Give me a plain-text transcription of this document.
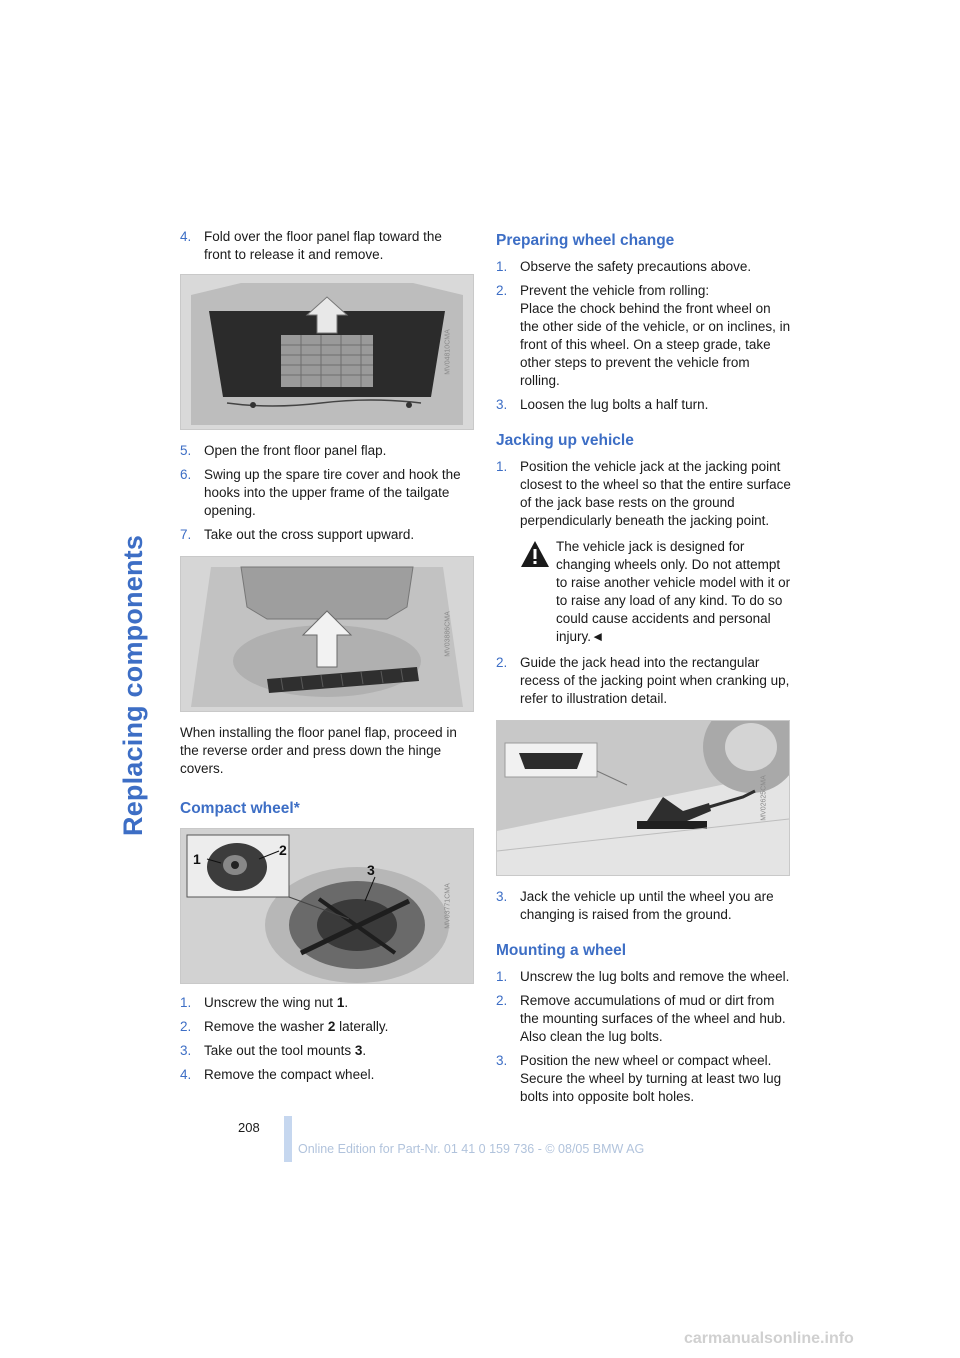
Replacing components
4. Fold over the floor panel flap toward the front to release it and remove.
MV04810CMA
5. Open the front floor panel flap.
6. Swing up the spare tire cover and hook the hooks into the upper frame of the tailgate opening.
7. Take out the cross support upward.
MV03886CMA
When installing the floor panel flap, proceed in the reverse order and press down the hinge covers.
Compact wheel*
1
2
3
MV03771CMA
1. Unscrew the wing nut 1.
2. Remove the washer 2 laterally.
3. Take out the tool mounts 3.
4. Remove the compact wheel.
Preparing wheel change
1. Observe the safety precautions above.
2. Prevent the vehicle from rolling:
Place the chock behind the front wheel on the other side of the vehicle, or on inclines, in front of this wheel. On a steep grade, take other steps to prevent the vehicle from rolling.
3. Loosen the lug bolts a half turn.
Jacking up vehicle
1. Position the vehicle jack at the jacking point closest to the wheel so that the entire surface of the jack base rests on the ground perpendicularly beneath the jacking point.
The vehicle jack is designed for changing wheels only. Do not attempt to raise another vehicle model with it or to raise any load of any kind. To do so could cause accidents and personal injury.◄
2. Guide the jack head into the rectangular recess of the jacking point when cranking up, refer to illustration detail.
MV02625CMA
3. Jack the vehicle up until the wheel you are changing is raised from the ground.
Mounting a wheel
1. Unscrew the lug bolts and remove the wheel.
2. Remove accumulations of mud or dirt from the mounting surfaces of the wheel and hub. Also clean the lug bolts.
3. Position the new wheel or compact wheel. Secure the wheel by turning at least two lug bolts into opposite bolt holes.
208
Online Edition for Part-Nr. 01 41 0 159 736 - © 08/05 BMW AG
carmanualsonline.info
